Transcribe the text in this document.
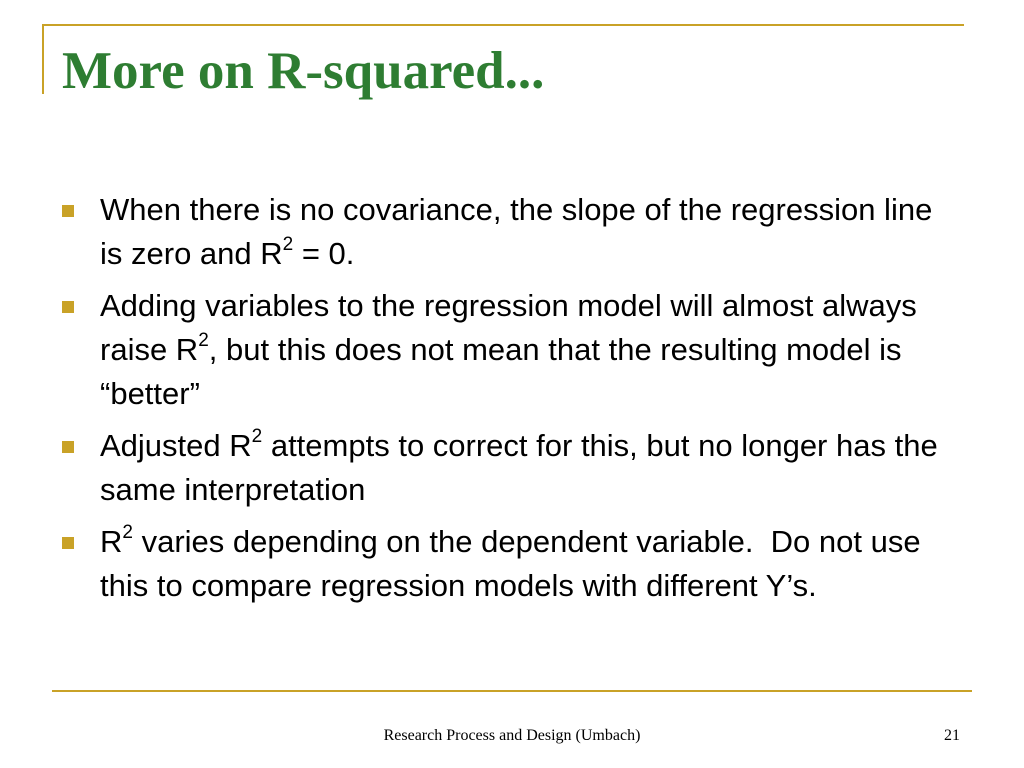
More on R-squared...
When there is no covariance, the slope of the regression line is zero and $R^2 = 0$.
Adding variables to the regression model will almost always raise $R^2$, but this does not mean that the resulting model is “better”
Adjusted $R^2$ attempts to correct for this, but no longer has the same interpretation
$R^2$ varies depending on the dependent variable.  Do not use this to compare regression models with different Y’s.
Research Process and Design (Umbach)	21
